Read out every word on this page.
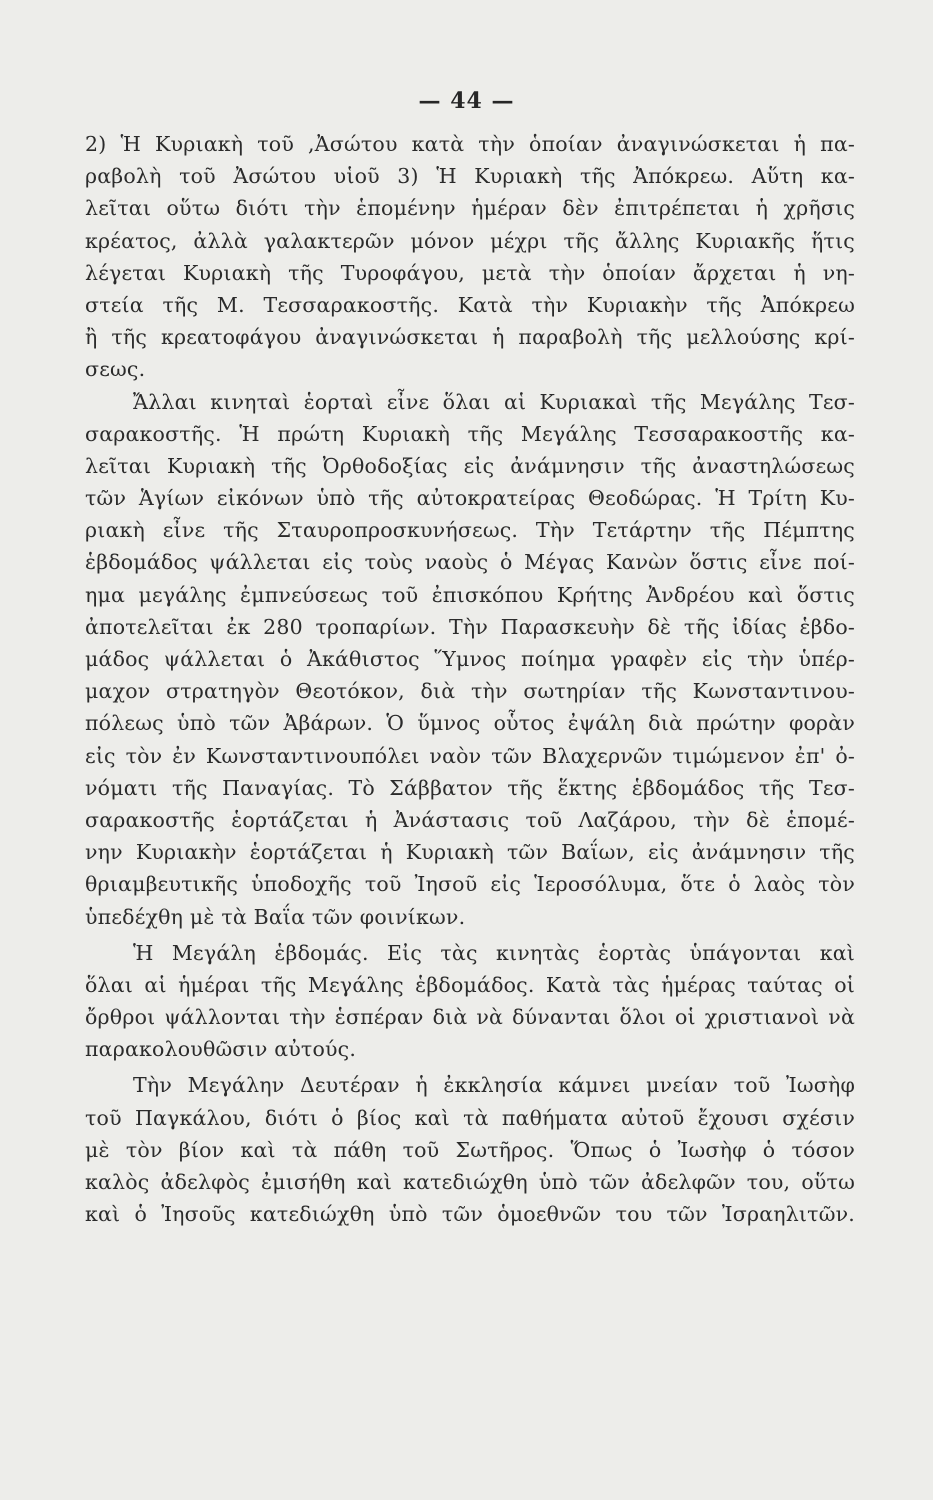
— 44 —
2) Ἡ Κυριακὴ τοῦ ,Ἀσώτου κατὰ τὴν ὁποίαν ἀναγινώσκεται ἡ πα-
ραβολὴ τοῦ Ἀσώτου υἱοῦ 3) Ἡ Κυριακὴ τῆς Ἀπόκρεω. Αὕτη κα-
λεῖται οὕτω διότι τὴν ἑπομένην ἡμέραν δὲν ἐπιτρέπεται ἡ χρῆσις
κρέατος, ἀλλὰ γαλακτερῶν μόνον μέχρι τῆς ἄλλης Κυριακῆς ἥτις
λέγεται Κυριακὴ τῆς Τυροφάγου, μετὰ τὴν ὁποίαν ἄρχεται ἡ νη-
στεία τῆς Μ. Τεσσαρακοστῆς. Κατὰ τὴν Κυριακὴν τῆς Ἀπόκρεω
ἢ τῆς κρεατοφάγου ἀναγινώσκεται ἡ παραβολὴ τῆς μελλούσης κρί-
σεως.
Ἄλλαι κινηταὶ ἑορταὶ εἶνε ὅλαι αἱ Κυριακαὶ τῆς Μεγάλης Τεσ-
σαρακοστῆς. Ἡ πρώτη Κυριακὴ τῆς Μεγάλης Τεσσαρακοστῆς κα-
λεῖται Κυριακὴ τῆς Ὀρθοδοξίας εἰς ἀνάμνησιν τῆς ἀναστηλώσεως
τῶν Ἁγίων εἰκόνων ὑπὸ τῆς αὐτοκρατείρας Θεοδώρας. Ἡ Τρίτη Κυ-
ριακὴ εἶνε τῆς Σταυροπροσκυνήσεως. Τὴν Τετάρτην τῆς Πέμπτης
ἑβδομάδος ψάλλεται εἰς τοὺς ναοὺς ὁ Μέγας Κανὼν ὅστις εἶνε ποί-
ημα μεγάλης ἐμπνεύσεως τοῦ ἐπισκόπου Κρήτης Ἀνδρέου καὶ ὅστις
ἀποτελεῖται ἐκ 280 τροπαρίων. Τὴν Παρασκευὴν δὲ τῆς ἰδίας ἑβδο-
μάδος ψάλλεται ὁ Ἀκάθιστος Ὕμνος ποίημα γραφὲν εἰς τὴν ὑπέρ-
μαχον στρατηγὸν Θεοτόκον, διὰ τὴν σωτηρίαν τῆς Κωνσταντινου-
πόλεως ὑπὸ τῶν Ἀβάρων. Ὁ ὕμνος οὗτος ἐψάλη διὰ πρώτην φορὰν
εἰς τὸν ἐν Κωνσταντινουπόλει ναὸν τῶν Βλαχερνῶν τιμώμενον ἐπ' ὀ-
νόματι τῆς Παναγίας. Τὸ Σάββατον τῆς ἕκτης ἑβδομάδος τῆς Τεσ-
σαρακοστῆς ἑορτάζεται ἡ Ἀνάστασις τοῦ Λαζάρου, τὴν δὲ ἑπομέ-
νην Κυριακὴν ἑορτάζεται ἡ Κυριακὴ τῶν Βαΐων, εἰς ἀνάμνησιν τῆς
θριαμβευτικῆς ὑποδοχῆς τοῦ Ἰησοῦ εἰς Ἱεροσόλυμα, ὅτε ὁ λαὸς τὸν
ὑπεδέχθη μὲ τὰ Βαΐα τῶν φοινίκων.
Ἡ Μεγάλη ἑβδομάς. Εἰς τὰς κινητὰς ἑορτὰς ὑπάγονται καὶ
ὅλαι αἱ ἡμέραι τῆς Μεγάλης ἑβδομάδος. Κατὰ τὰς ἡμέρας ταύτας οἱ
ὄρθροι ψάλλονται τὴν ἑσπέραν διὰ νὰ δύνανται ὅλοι οἱ χριστιανοὶ νὰ
παρακολουθῶσιν αὐτούς.
Τὴν Μεγάλην Δευτέραν ἡ ἐκκλησία κάμνει μνείαν τοῦ Ἰωσὴφ
τοῦ Παγκάλου, διότι ὁ βίος καὶ τὰ παθήματα αὐτοῦ ἔχουσι σχέσιν
μὲ τὸν βίον καὶ τὰ πάθη τοῦ Σωτῆρος. Ὅπως ὁ Ἰωσὴφ ὁ τόσον
καλὸς ἀδελφὸς ἐμισήθη καὶ κατεδιώχθη ὑπὸ τῶν ἀδελφῶν του, οὕτω
καὶ ὁ Ἰησοῦς κατεδιώχθη ὑπὸ τῶν ὁμοεθνῶν του τῶν Ἰσραηλιτῶν.
